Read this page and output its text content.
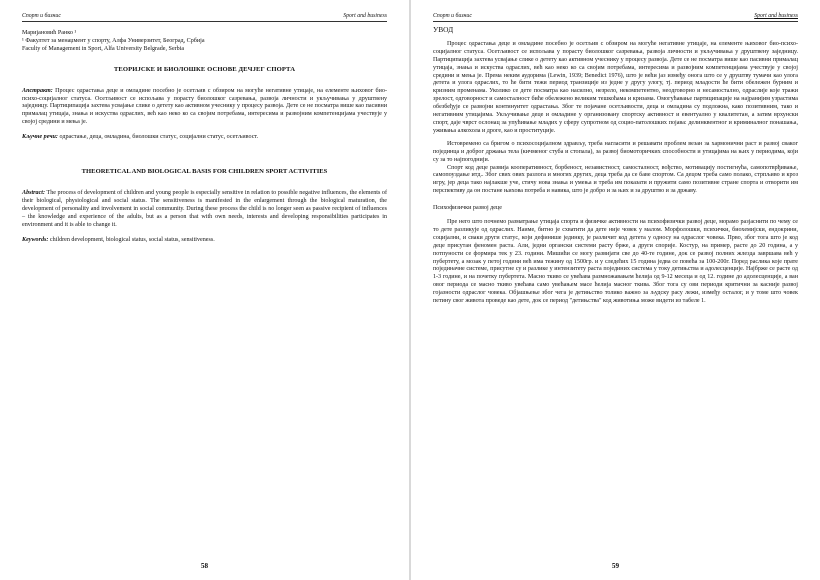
Спорт и бизнис	Sport and business

Маријановић Ранко ¹

¹ Факултет за менаџмент у спорту, Алфа Универзитет, Београд, Србија

Faculty of Management in Sport, Alfa University Belgrade, Serbia

ТЕОРИЈСКЕ И БИОЛОШКЕ ОСНОВЕ ДЕЧЈЕГ СПОРТА

Апстракт: Процес одрастања деце и омладине посебно је осетљив с обзиром на могуће негативне утицаје, на елементе њиховог био-психо-социјалног статуса. Осетљивост се испољава у порасту биолошког сазревања, развоја личности и укључивања у друштвену заједницу. Партиципација захтева усвајање слике о детету као активном учеснику у процесу развоја. Дете се не посматра више као пасивни прималац утицаја, знања и искуства одраслих, већ као неко ко са својим потребама, интересима и развојним компетенцијама учествује у својој средини и мења је.

Кључне речи: одрастање, деца, омладина, биолошки статус, социјални статус, осетљивост.

THEORETICAL AND BIOLOGICAL BASIS FOR CHILDREN SPORT ACTIVITIES

Abstract: The process of development of children and young people is especially sensitive in relation to possible negative influences, the elements of their biological, physiological and social status. The sensitiveness is manifested in the enlargement through the biological maturation, the development of personality and involvement in social community. During these process the child is no longer seen as passive recipient of influences – the knowledge and experience of the adults, but as a person that with own needs, interests and developing responsibilities participates in environment and it is able to change it.

Keywords: children development, biological status, social status, sensitiveness.

58
Спорт и бизнис	Sport and business

УВОД

Процес одрастања деце и омладине посебно је осетљив с обзиром на могуће негативне утицаје, на елементе њиховог био-психо-социјалног статуса. Осетљивост се испољава у порасту биолошког сазревања, развоја личности и укључивања у друштвену заједницу. Партиципација захтева усвајање слике о детету као активном учеснику у процесу развоја. Дете се не посматра више као пасивни прималац утицаја, знања и искуства одраслих, већ као неко ко са својим потребама, интересима и развојним компетенцијама учествује у својој средини и мења је. Према неким аудорима (Lewin, 1939; Benedict 1976), што је већи јаз између онога што се у друштву тумачи као улога детета и улога одраслих, то ће бити тежи период транзиције из једне у другу улогу, тј. период младости ће бити обележен бурним и кризним променама. Уколико се дете посматра као насилно, незрело, некомпетентно, неодговорно и несамостално, одраслије које тражи зрелост, одговорност и самосталност биће обележено великим тешкоћама и кризама. Омогућавање партиципације на најранијим узрастима обезбеђује се развојни континуитет одрастања. Због те појачане осетљивости, деца и омладина су подложна, како позитивним, тако и негативним утицајима. Укључивање деце и омладине у организовану спортску активност и евентуално у квалитетан, а затим врхунски спорт, даје чврст ослонац за упућивање младих у сферу супротном од социо-патолошких појава: делинквентног и криминалног понашања, уживања алкохола и дроге, као и проституције.

Истовремено са бригом о психосоцијалном здрављу, треба нагласити и решавати проблем везан за хармонични раст и развој сваког појединца и доброг држања тела (кичменог стуба и стопала), за развој биомоторичких способности и утицајима на њих у периодима, који су за то најпогоднији.

Спорт код деце развија кооперативност, борбеност, независтност, самосталност, вођство, мотивацију постигнућа, самопотврђивање, самопоуздање итд.. Због свих ових разлога и многих других, деца треба да се баве спортом. Са децом треба само полако, стрпљиво и кроз игру, јер деца тако најлакше уче, стичу нова знања и умења и треба им показати и пружити само позитивне стране спорта и отворити им перспективу да он постане њихова потреба и навика, што је добро и за њих и за друштво и за државу.

Психофизички развој деце

Пре него што почнемо разматрање утицаја спорта и физичке активности на психофизички развој деце, морамо разјаснити по чему се то дете разликује од одраслих. Наиме, битно је схватити да дете није човек у малом. Морфолошки, психички, биохемијски, ендокрини, социјални, и сваки други статус, који дефинише јединку, је различит код детета у односу на одраслог човека. Прво, због тога што је код деце присутан феномен раста. Али, једни органски системи расту брже, а други спорије. Костур, на пример, расте до 20 година, а у потпуности се формира тек у 23. години. Мишићи се могу развијати све до 40-те године, док се развој полних жлезда завршава већ у пубертету, а мозак у петој години већ има тежину од 1500гр. и у следећих 15 година једва се повећа за 100-200г. Поред раслика које прате појединачне системе, присутне су и разлике у интензитету раста појединих система у току детињства и адолесценције. Најбрже се расте од 1-3 године, и на почетку пубертета. Масно ткиво се увећава размножавањем ћелија од 9-12 месеца и од 12. године до адолесценције, а ван овог периода се масно ткиво увећава само увећањем масе ћелија масног ткива. Због тога су ови периоди критични за касније развој гојазности одраслог човека. Објашњење због чега је детињство толико важно за људску расу лежи, између осталог, и у томе што човек петину свог живота проведе као дете, док се период "детињства" код животиња може видети из табеле 1.

59
